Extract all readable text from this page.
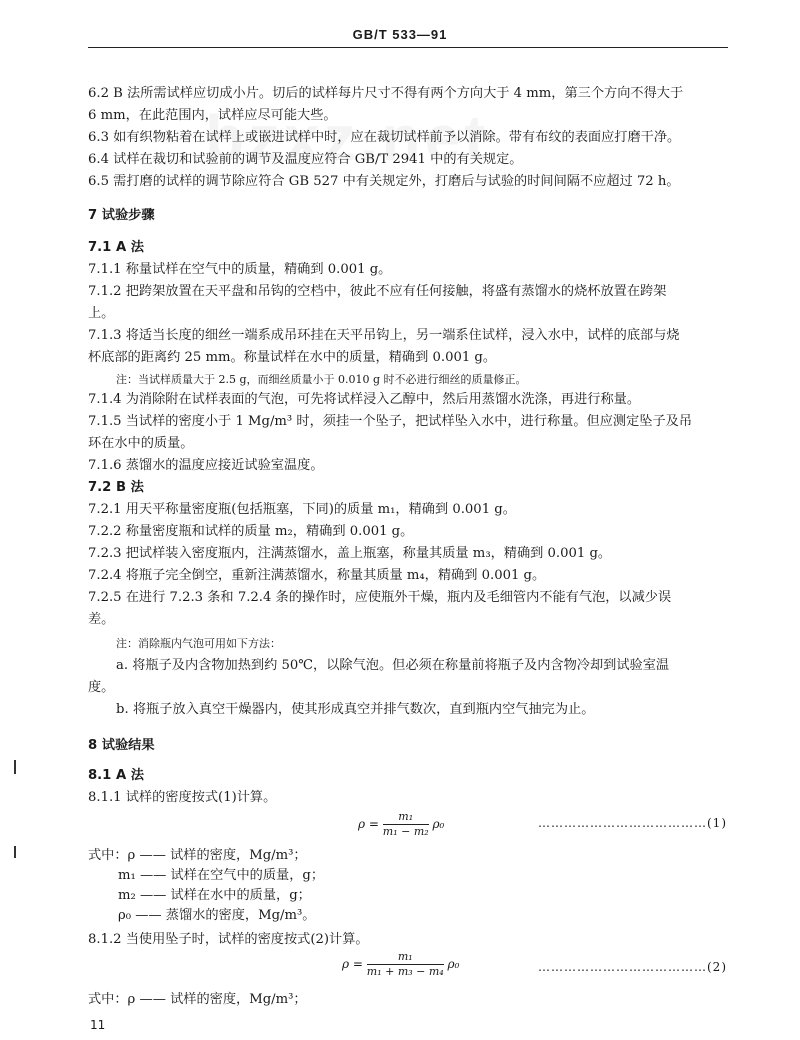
GB/T 533—91
6.2 B 法所需试样应切成小片。切后的试样每片尺寸不得有两个方向大于 4 mm，第三个方向不得大于
6 mm，在此范围内，试样应尽可能大些。
6.3 如有织物粘着在试样上或嵌进试样中时，应在裁切试样前予以消除。带有布纹的表面应打磨干净。
6.4 试样在裁切和试验前的调节及温度应符合 GB/T 2941 中的有关规定。
6.5 需打磨的试样的调节除应符合 GB 527 中有关规定外，打磨后与试验的时间间隔不应超过 72 h。
7 试验步骤
7.1 A 法
7.1.1 称量试样在空气中的质量，精确到 0.001 g。
7.1.2 把跨架放置在天平盘和吊钩的空档中，彼此不应有任何接触，将盛有蒸馏水的烧杯放置在跨架
上。
7.1.3 将适当长度的细丝一端系成吊环挂在天平吊钩上，另一端系住试样，浸入水中，试样的底部与烧
杯底部的距离约 25 mm。称量试样在水中的质量，精确到 0.001 g。
注：当试样质量大于 2.5 g，而细丝质量小于 0.010 g 时不必进行细丝的质量修正。
7.1.4 为消除附在试样表面的气泡，可先将试样浸入乙醇中，然后用蒸馏水洗涤，再进行称量。
7.1.5 当试样的密度小于 1 Mg/m³ 时，须挂一个坠子，把试样坠入水中，进行称量。但应测定坠子及吊
环在水中的质量。
7.1.6 蒸馏水的温度应接近试验室温度。
7.2 B 法
7.2.1 用天平称量密度瓶(包括瓶塞，下同)的质量 m₁，精确到 0.001 g。
7.2.2 称量密度瓶和试样的质量 m₂，精确到 0.001 g。
7.2.3 把试样装入密度瓶内，注满蒸馏水，盖上瓶塞，称量其质量 m₃，精确到 0.001 g。
7.2.4 将瓶子完全倒空，重新注满蒸馏水，称量其质量 m₄，精确到 0.001 g。
7.2.5 在进行 7.2.3 条和 7.2.4 条的操作时，应使瓶外干燥，瓶内及毛细管内不能有气泡，以减少误
差。
注：消除瓶内气泡可用如下方法：
a. 将瓶子及内含物加热到约 50℃，以除气泡。但必须在称量前将瓶子及内含物冷却到试验室温
度。
b. 将瓶子放入真空干燥器内，使其形成真空并排气数次，直到瓶内空气抽完为止。
8 试验结果
8.1 A 法
8.1.1 试样的密度按式(1)计算。
$\rho = \frac{\text{m₁}}{\text{m₁ − m₂}} \rho_0$	…………………………………(1)
式中：ρ —— 试样的密度，Mg/m³；
m₁ —— 试样在空气中的质量，g；
m₂ —— 试样在水中的质量，g；
ρ₀ —— 蒸馏水的密度，Mg/m³。
8.1.2 当使用坠子时，试样的密度按式(2)计算。
$\rho = \frac{\text{m₁}}{\text{m₁ + m₃ − m₄}} \rho_0$	…………………………………(2)
式中：ρ —— 试样的密度，Mg/m³；
11
